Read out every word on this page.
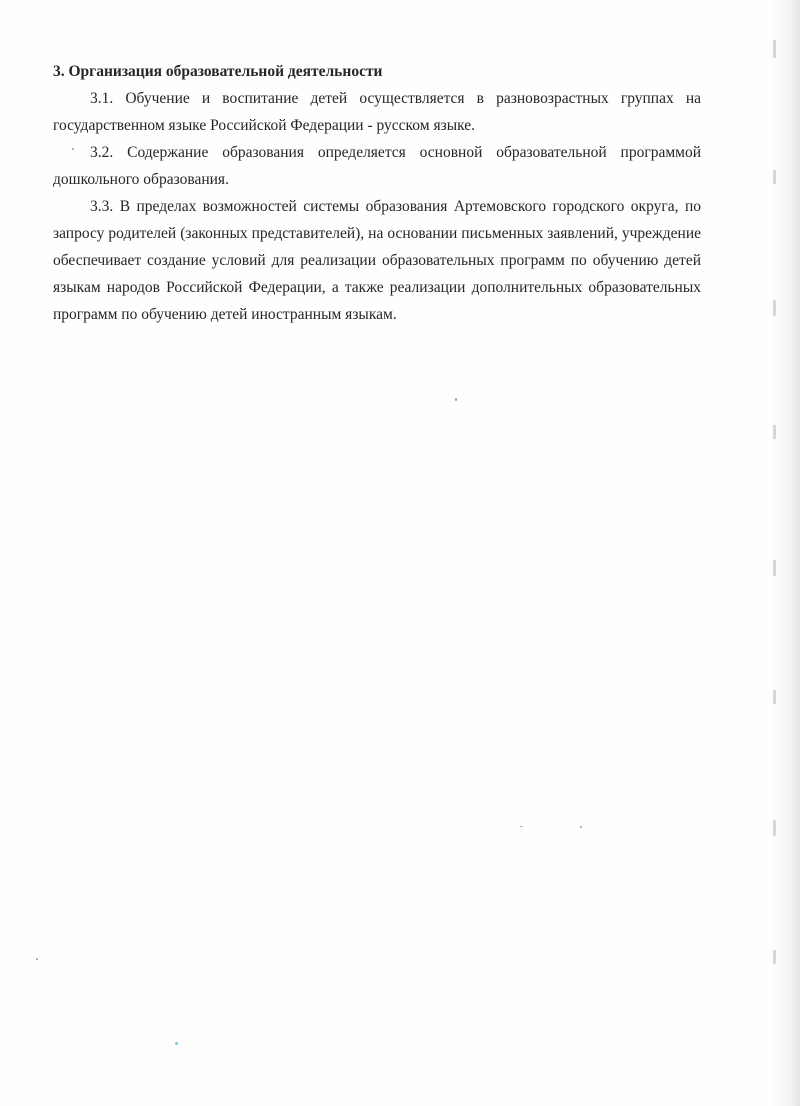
3. Организация образовательной деятельности

3.1. Обучение и воспитание детей осуществляется в разновозрастных группах на государственном языке Российской Федерации - русском языке.

3.2. Содержание образования определяется основной образовательной программой дошкольного образования.

3.3. В пределах возможностей системы образования Артемовского городского округа, по запросу родителей (законных представителей), на основании письменных заявлений, учреждение обеспечивает создание условий для реализации образовательных программ по обучению детей языкам народов Российской Федерации, а также реализации дополнительных образовательных программ по обучению детей иностранным языкам.
